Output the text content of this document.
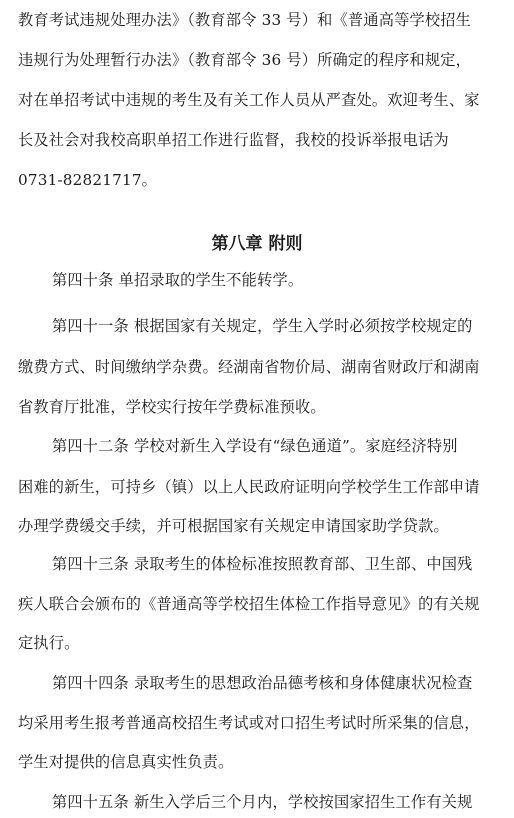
教育考试违规处理办法》（教育部令 33 号）和《普通高等学校招生
违规行为处理暂行办法》（教育部令 36 号）所确定的程序和规定，
对在单招考试中违规的考生及有关工作人员从严查处。欢迎考生、家
长及社会对我校高职单招工作进行监督，我校的投诉举报电话为
0731-82821717。
第八章 附则
第四十条 单招录取的学生不能转学。
第四十一条 根据国家有关规定，学生入学时必须按学校规定的
缴费方式、时间缴纳学杂费。经湖南省物价局、湖南省财政厅和湖南
省教育厅批准，学校实行按年学费标准预收。
第四十二条 学校对新生入学设有“绿色通道”。家庭经济特别
困难的新生，可持乡（镇）以上人民政府证明向学校学生工作部申请
办理学费缓交手续，并可根据国家有关规定申请国家助学贷款。
第四十三条 录取考生的体检标准按照教育部、卫生部、中国残
疾人联合会颁布的《普通高等学校招生体检工作指导意见》的有关规
定执行。
第四十四条 录取考生的思想政治品德考核和身体健康状况检查
均采用考生报考普通高校招生考试或对口招生考试时所采集的信息，
学生对提供的信息真实性负责。
第四十五条 新生入学后三个月内，学校按国家招生工作有关规
